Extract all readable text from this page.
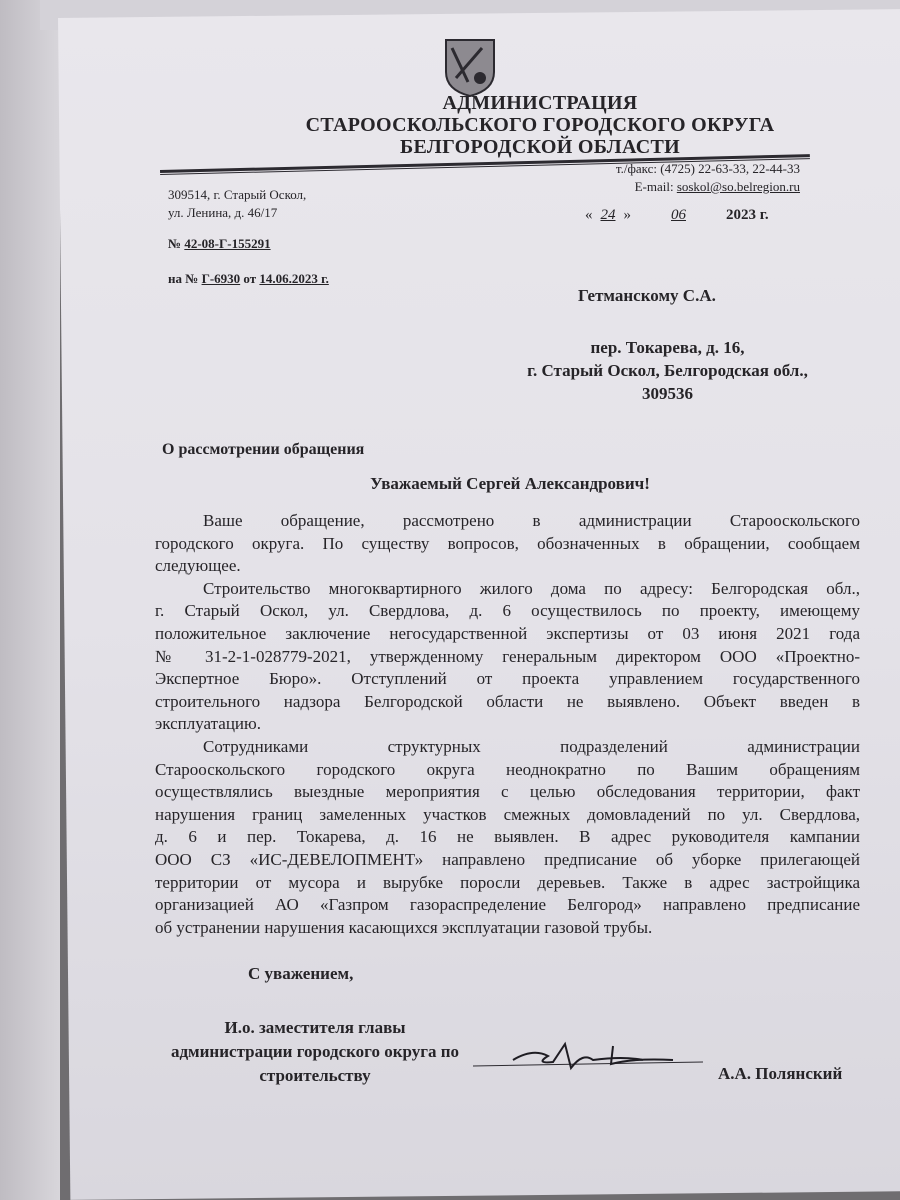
АДМИНИСТРАЦИЯ
СТАРООСКОЛЬСКОГО ГОРОДСКОГО ОКРУГА
БЕЛГОРОДСКОЙ ОБЛАСТИ
309514, г. Старый Оскол,
ул. Ленина, д. 46/17
т./факс: (4725) 22-63-33, 22-44-33
E-mail: soskol@so.belregion.ru
« 24 »	06	2023 г.
№ 42-08-Г-155291
на № Г-6930 от 14.06.2023 г.
Гетманскому С.А.
пер. Токарева, д. 16,
г. Старый Оскол, Белгородская обл.,
309536
О рассмотрении обращения
Уважаемый Сергей Александрович!
Ваше обращение, рассмотрено в администрации Старооскольского
городского округа. По существу вопросов, обозначенных в обращении, сообщаем
следующее.
Строительство многоквартирного жилого дома по адресу: Белгородская обл.,
г. Старый Оскол, ул. Свердлова, д. 6 осуществилось по проекту, имеющему
положительное заключение негосударственной экспертизы от 03 июня 2021 года
№ 31-2-1-028779-2021, утвержденному генеральным директором ООО «Проектно-
Экспертное Бюро». Отступлений от проекта управлением государственного
строительного надзора Белгородской области не выявлено. Объект введен в
эксплуатацию.
Сотрудниками структурных подразделений администрации
Старооскольского городского округа неоднократно по Вашим обращениям
осуществлялись выездные мероприятия с целью обследования территории, факт
нарушения границ замеленных участков смежных домовладений по ул. Свердлова,
д. 6 и пер. Токарева, д. 16 не выявлен. В адрес руководителя кампании
ООО СЗ «ИС-ДЕВЕЛОПМЕНТ» направлено предписание об уборке прилегающей
территории от мусора и вырубке поросли деревьев. Также в адрес застройщика
организацией АО «Газпром газораспределение Белгород» направлено предписание
об устранении нарушения касающихся эксплуатации газовой трубы.
С уважением,
И.о. заместителя главы
администрации городского округа по
строительству	А.А. Полянский
